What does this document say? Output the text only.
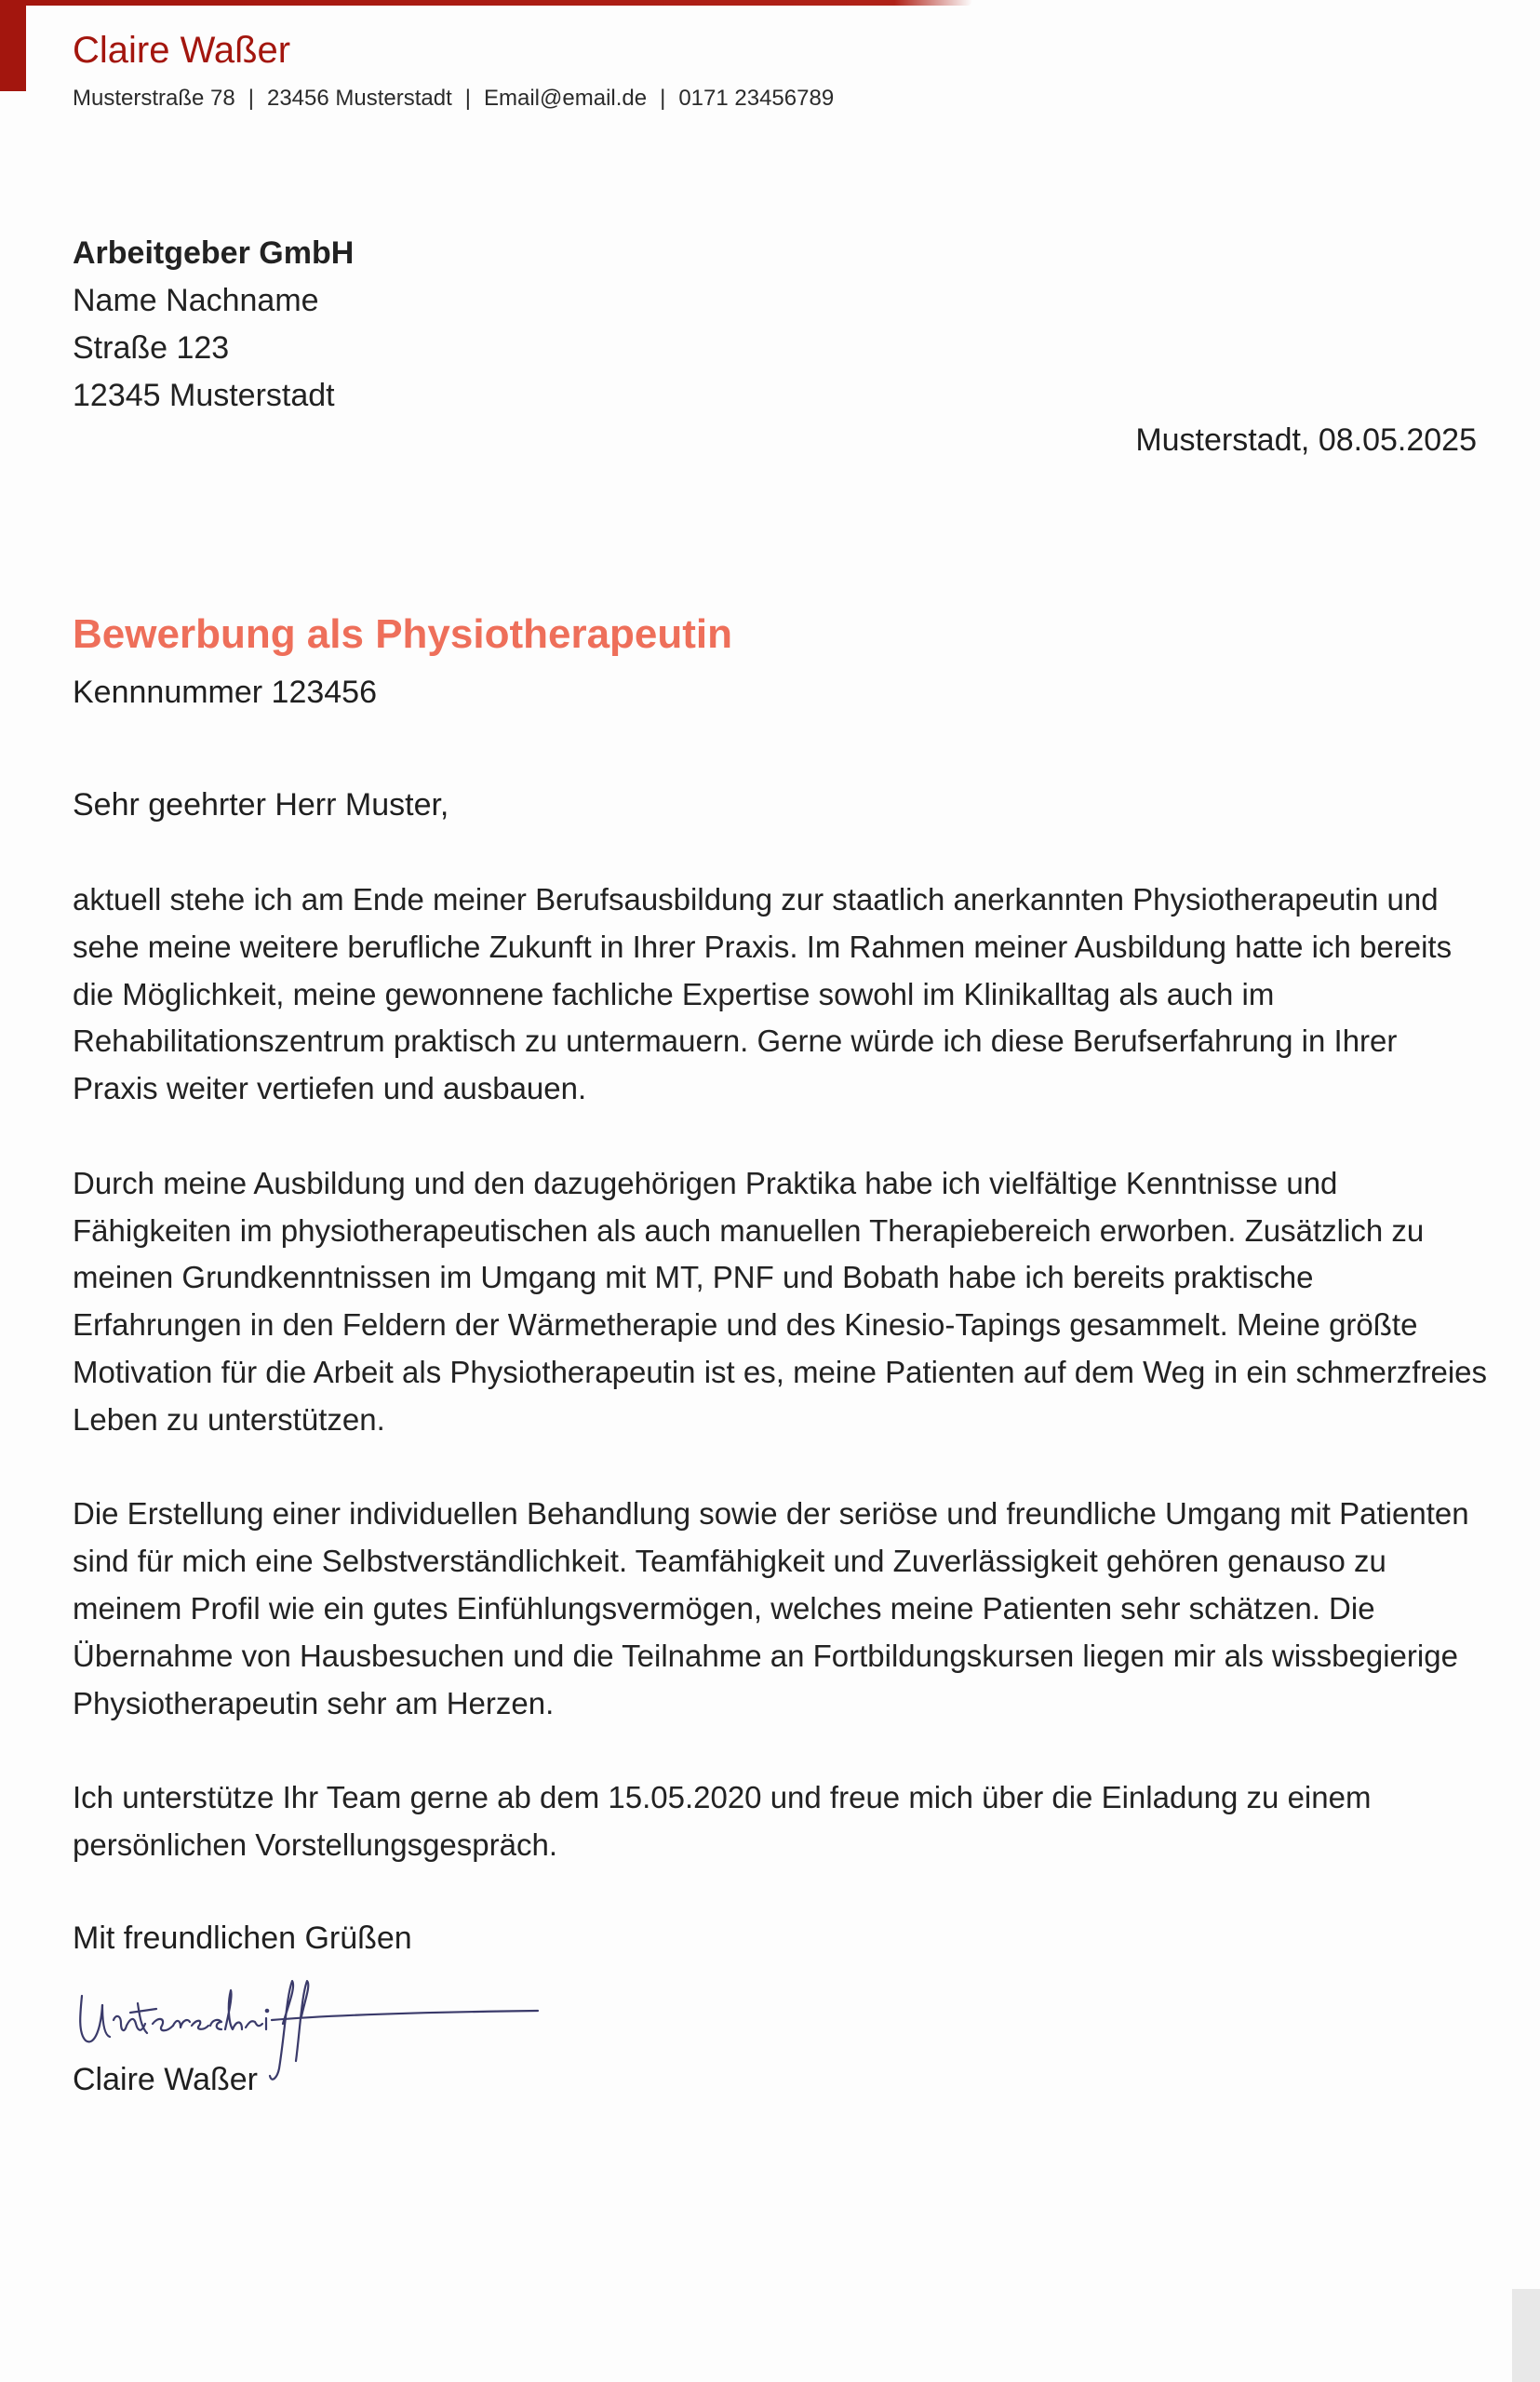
Claire Waßer
Musterstraße 78 | 23456 Musterstadt | Email@email.de | 0171 23456789
Arbeitgeber GmbH
Name Nachname
Straße 123
12345 Musterstadt
Musterstadt, 08.05.2025
Bewerbung als Physiotherapeutin
Kennnummer 123456
Sehr geehrter Herr Muster,

aktuell stehe ich am Ende meiner Berufsausbildung zur staatlich anerkannten Physiotherapeutin und sehe meine weitere berufliche Zukunft in Ihrer Praxis. Im Rahmen meiner Ausbildung hatte ich bereits die Möglichkeit, meine gewonnene fachliche Expertise sowohl im Klinikalltag als auch im Rehabilitationszentrum praktisch zu untermauern. Gerne würde ich diese Berufserfahrung in Ihrer Praxis weiter vertiefen und ausbauen.

Durch meine Ausbildung und den dazugehörigen Praktika habe ich vielfältige Kenntnisse und Fähigkeiten im physiotherapeutischen als auch manuellen Therapiebereich erworben. Zusätzlich zu meinen Grundkenntnissen im Umgang mit MT, PNF und Bobath habe ich bereits praktische Erfahrungen in den Feldern der Wärmetherapie und des Kinesio-Tapings gesammelt. Meine größte Motivation für die Arbeit als Physiotherapeutin ist es, meine Patienten auf dem Weg in ein schmerzfreies Leben zu unterstützen.

Die Erstellung einer individuellen Behandlung sowie der seriöse und freundliche Umgang mit Patienten sind für mich eine Selbstverständlichkeit. Teamfähigkeit und Zuverlässigkeit gehören genauso zu meinem Profil wie ein gutes Einfühlungsvermögen, welches meine Patienten sehr schätzen. Die Übernahme von Hausbesuchen und die Teilnahme an Fortbildungskursen liegen mir als wissbegierige Physiotherapeutin sehr am Herzen.

Ich unterstütze Ihr Team gerne ab dem 15.05.2020 und freue mich über die Einladung zu einem persönlichen Vorstellungsgespräch.

Mit freundlichen Grüßen
Unterschrift
Claire Waßer
